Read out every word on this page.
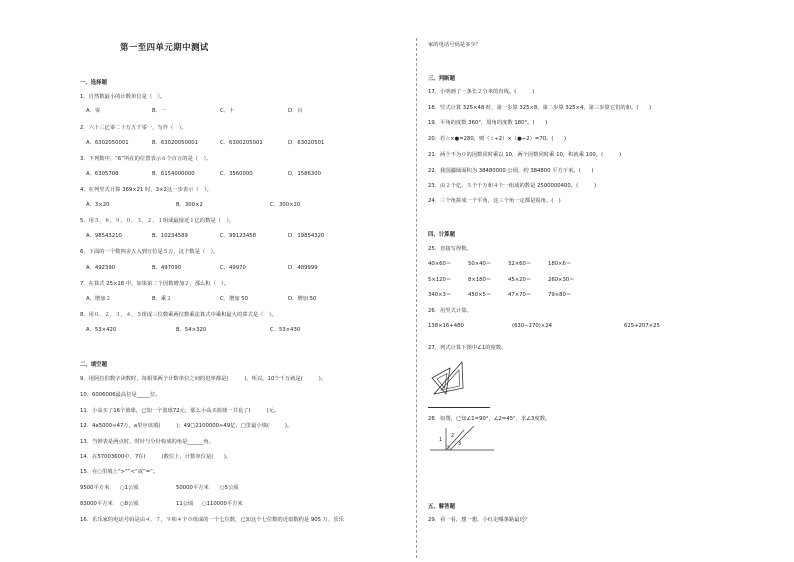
第一至四单元期中测试
一、选择题
1．自然数最小的计数单位是（　）。
A．零	B．一	C．十	D．百
2．六十三亿零二十万五千零一，写作（　）。
A．6302050001	B．63020050001	C．6300205001	D．63020501
3．下列数中，“6”所在的位置表示６个百万的是（　）。
A．6305708	B．6154000000	C．3560000	D．1586300
4．在列竖式计算 369×21 时，3×2这一步表示（　）。
A．3×20	B．300×2	C．300×20
5．用５，８，９，０，３，２，１组成最接近１亿的数是（　）。
A．98543210	B．10234589	C．99123458	D．19854320
6．下面的一个数四舍五入到万位是５万，这个数是（　）。
A．492390	B．497090	C．49970	D．489999
7．在算式 25×18 中，如果第二个因数增加２，那么积（　）。
A．增加２	B．乘２	C．增加 50	D．增加 50
8．用０，２，３，４，５组成三位数乘两位数乘法算式中乘积最大的算式是（　）。
A．53×420	B．54×320	C．53×430
二、填空题
9．用阿拉伯数字读数时，每相邻两个计数单位之间的进率都是(　　　)，所以，10个千万就是(　　　)。
10．6006006最高位是_____位。
11．小高买了16个篮球，已知一个篮球72元，那么小高买篮球一共花了(　　　)元。
12．4a5000≈47万，a里应该填(　　　)；49□2100000≈49亿，□里最小填(　　　)。
13．当钟表是两点时，时针与分针构成的角是______角。
14．在57003600中，7在(　　　)数位上，计数单位是(　　)。
15．在○里填上“>”“<”或“=”。
9500平方米 ○1公顷	50000平方米 ○5公顷
83000平方米 ○8公顷	11公顷 ○110000平方米
16．乐乐家的电话号码是由４，７，９和４个０组成的一个七位数，已知这个七位数的近似数约是 905 万，乐乐
家的电话号码是多少？
三、判断题
17．小明画了一条长２分米的直线。(　　　)
18．竖式计算 325×48 时，第一步算 325×8，第二步算 325×4，第三步算它们的和。(　　)
19．平角的度数 360°，周角的度数 180°。(　　)
20．若☆×●=280，则（☆÷2）×（●÷2）=70。(　　)
21．两个不为０的因数同时乘以 10，两个因数同时乘 10，积就乘 100。(　　　)
22．我国疆域面积为 38480000 公顷，约 384800 平方千米。(　　)
23．由２个亿、５个千万和４个一组成的数是 2500000400。(　　　)
24．三个角拼成一个平角，这三个角一定都是锐角。(　)
四、计算题
25．直接写得数。
40×60＝	50×40＝	32×60＝	180×6＝
5×120＝	8×180＝	45×20＝	260×30＝
340×3＝	450×5＝	47×70＝	79×80＝
26．用竖式计算。
138×16+480	(630−270)×24	625+207×25
27．列式计算下图中∠1的度数。
28．如图，已知∠1=90°，∠2=45°，求∠3度数。
1
2
3
五、解答题
29．看一看，想一想，小红走哪条路最近？
